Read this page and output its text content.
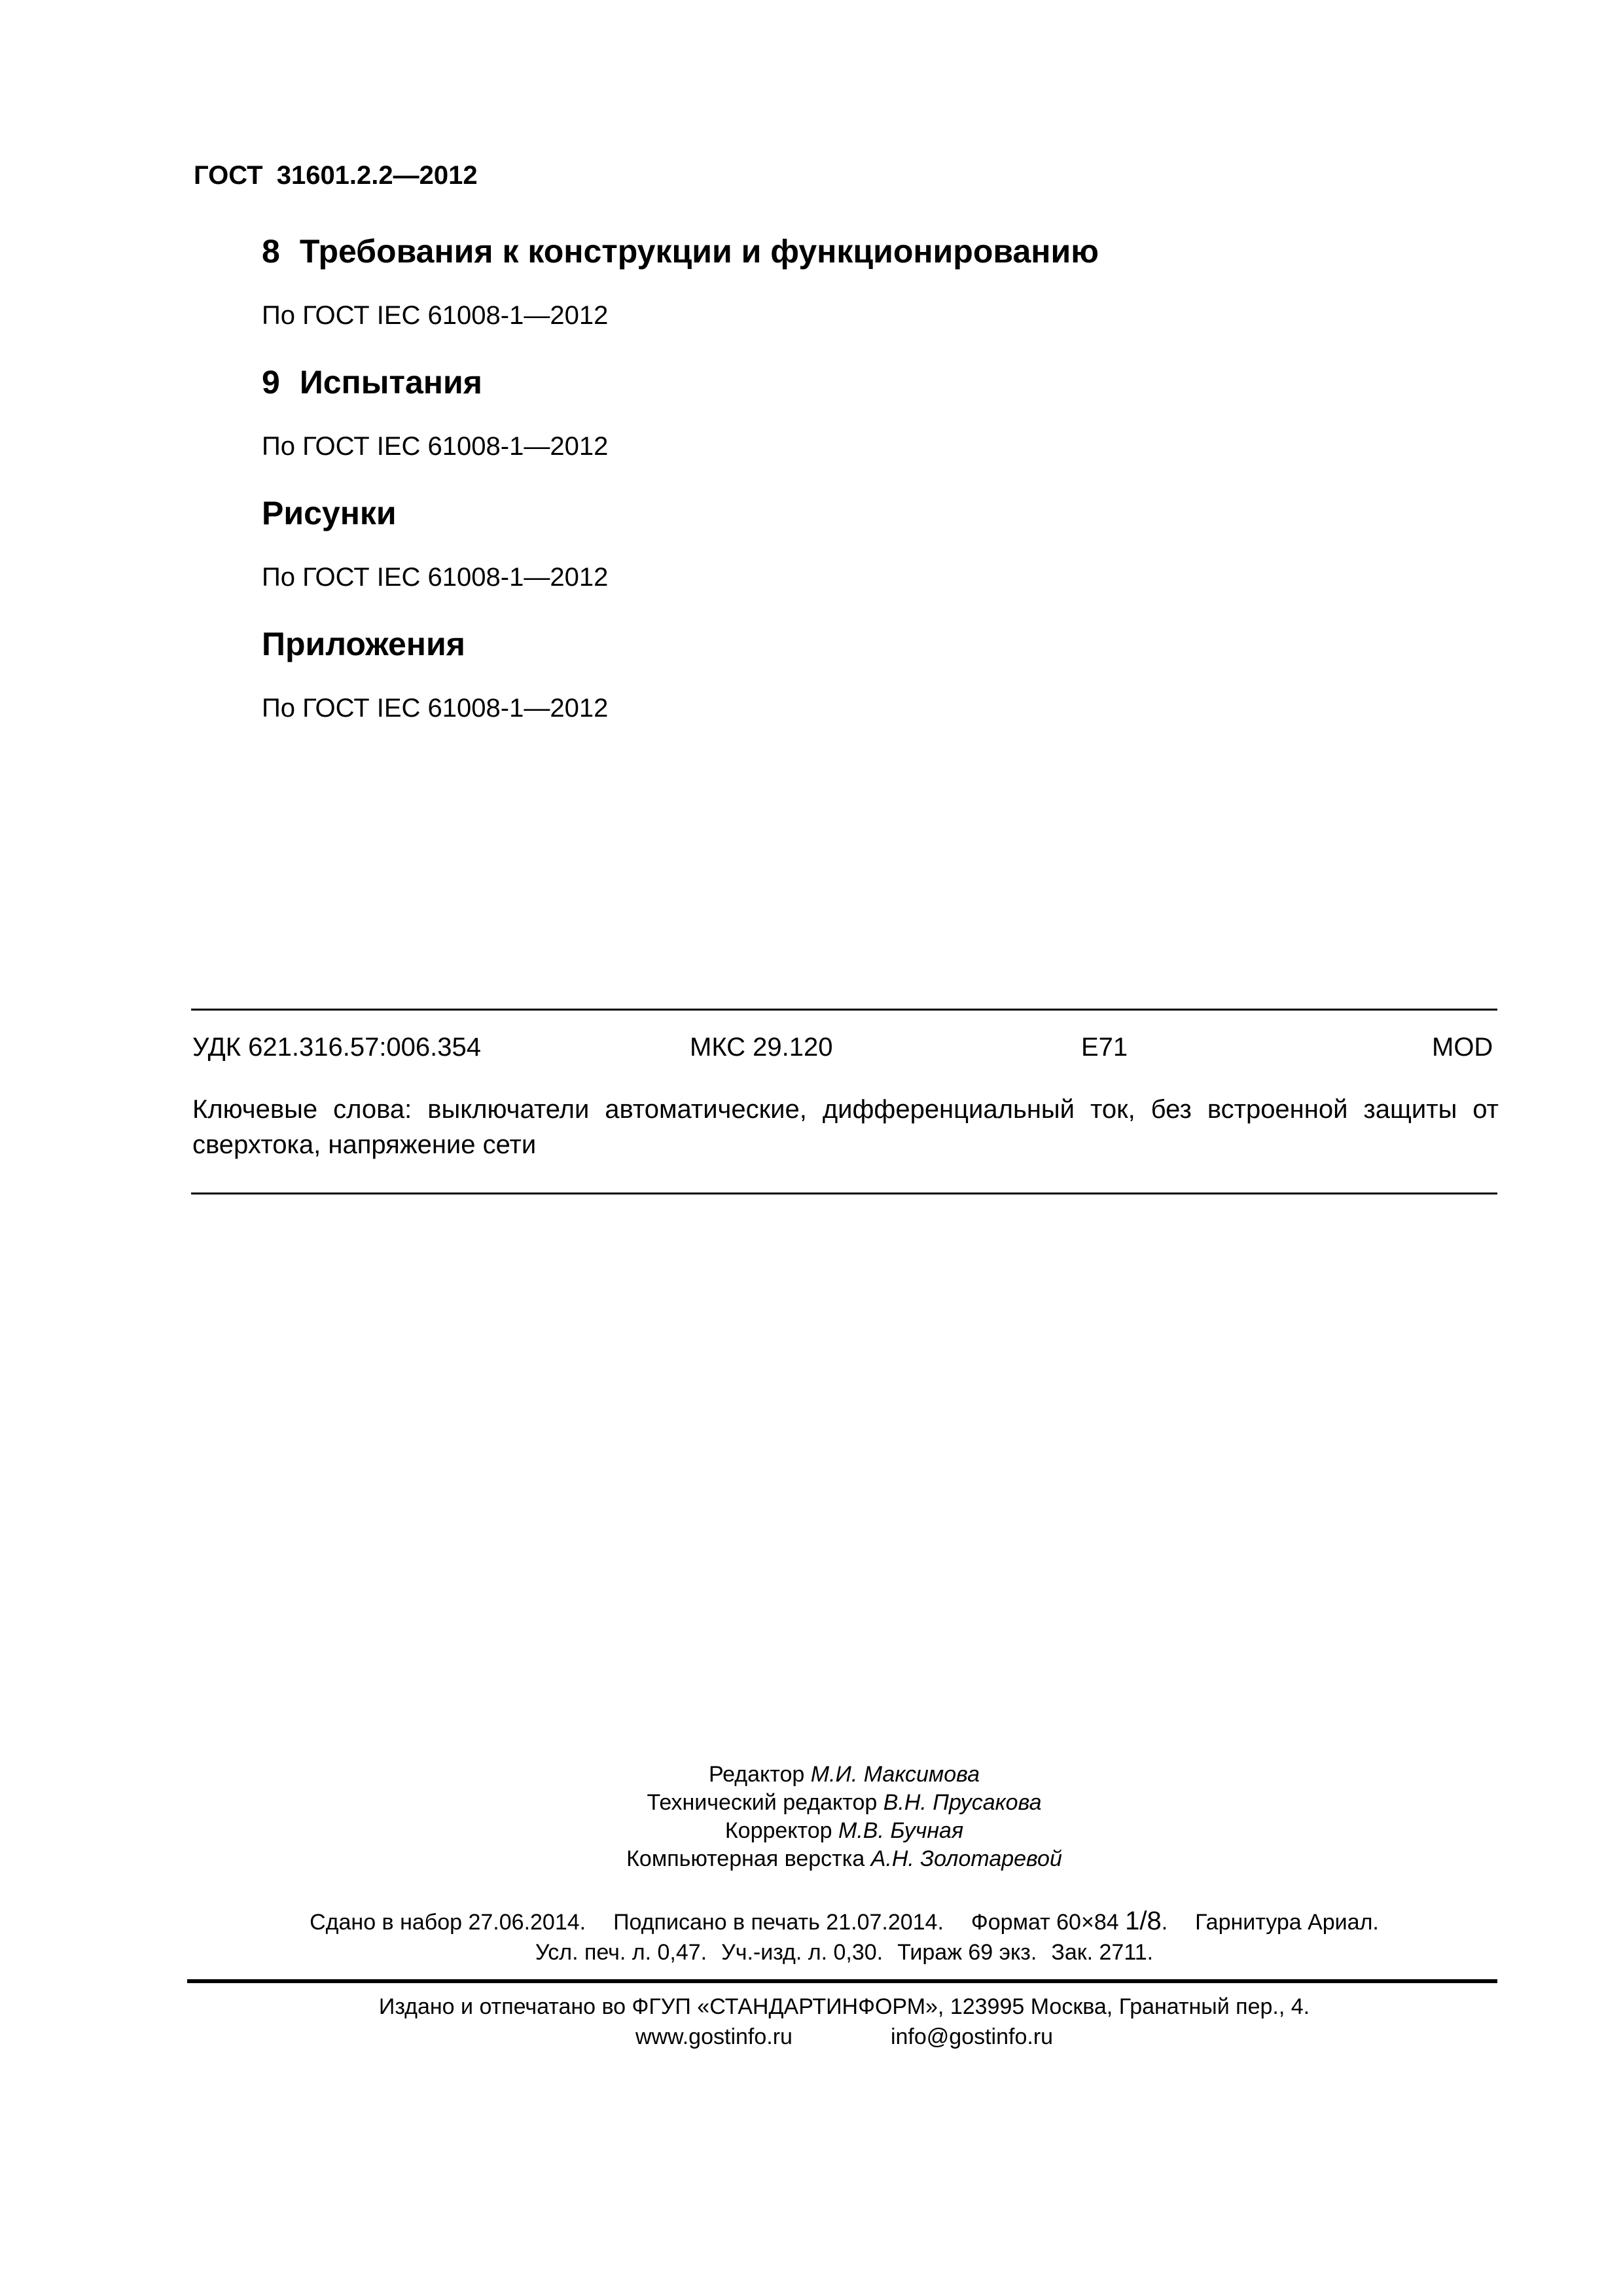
ГОСТ 31601.2.2—2012
8 Требования к конструкции и функционированию
По ГОСТ IEC 61008-1—2012
9 Испытания
По ГОСТ IEC 61008-1—2012
Рисунки
По ГОСТ IEC 61008-1—2012
Приложения
По ГОСТ IEC 61008-1—2012
УДК 621.316.57:006.354	МКС 29.120	Е71	MOD
Ключевые слова: выключатели автоматические, дифференциальный ток, без встроенной защиты от сверхтока, напряжение сети
Редактор М.И. Максимова
Технический редактор В.Н. Прусакова
Корректор М.В. Бучная
Компьютерная верстка А.Н. Золотаревой
Сдано в набор 27.06.2014. Подписано в печать 21.07.2014. Формат 60×84 1/8. Гарнитура Ариал.
Усл. печ. л. 0,47. Уч.-изд. л. 0,30. Тираж 69 экз. Зак. 2711.
Издано и отпечатано во ФГУП «СТАНДАРТИНФОРМ», 123995 Москва, Гранатный пер., 4.
www.gostinfo.ru	info@gostinfo.ru
